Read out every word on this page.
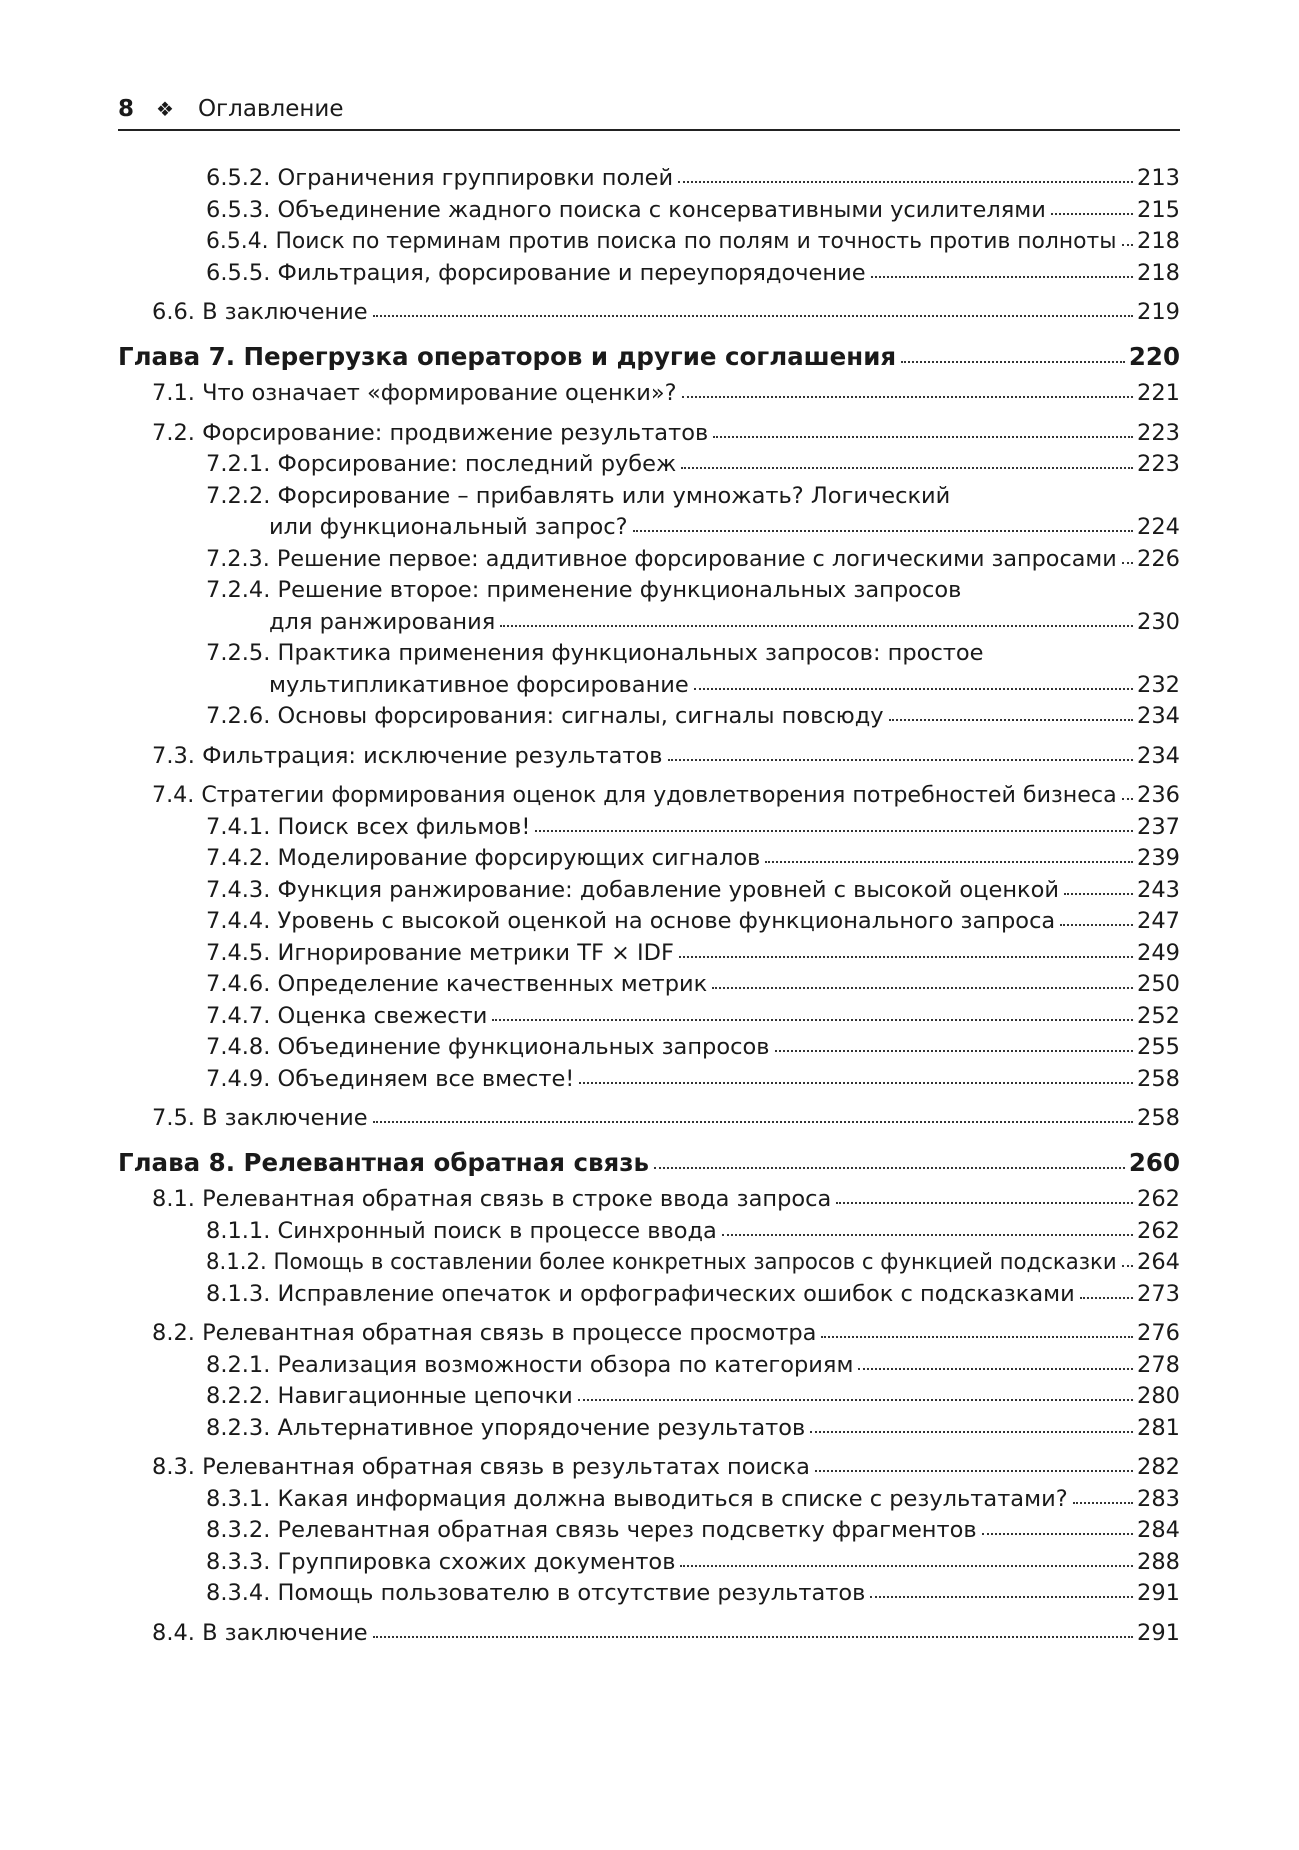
8 ❖ Оглавление
6.5.2. Ограничения группировки полей	213
6.5.3. Объединение жадного поиска с консервативными усилителями	215
6.5.4. Поиск по терминам против поиска по полям и точность против полноты 218
6.5.5. Фильтрация, форсирование и переупорядочение	218
6.6. В заключение	219
Глава 7. Перегрузка операторов и другие соглашения	220
7.1. Что означает «формирование оценки»?	221
7.2. Форсирование: продвижение результатов	223
7.2.1. Форсирование: последний рубеж	223
7.2.2. Форсирование – прибавлять или умножать? Логический
или функциональный запрос?	224
7.2.3. Решение первое: аддитивное форсирование с логическими запросами 226
7.2.4. Решение второе: применение функциональных запросов
для ранжирования	230
7.2.5. Практика применения функциональных запросов: простое
мультипликативное форсирование	232
7.2.6. Основы форсирования: сигналы, сигналы повсюду	234
7.3. Фильтрация: исключение результатов	234
7.4. Стратегии формирования оценок для удовлетворения потребностей бизнеса 236
7.4.1. Поиск всех фильмов!	237
7.4.2. Моделирование форсирующих сигналов	239
7.4.3. Функция ранжирование: добавление уровней с высокой оценкой	243
7.4.4. Уровень с высокой оценкой на основе функционального запроса	247
7.4.5. Игнорирование метрики TF × IDF	249
7.4.6. Определение качественных метрик	250
7.4.7. Оценка свежести	252
7.4.8. Объединение функциональных запросов	255
7.4.9. Объединяем все вместе!	258
7.5. В заключение	258
Глава 8. Релевантная обратная связь	260
8.1. Релевантная обратная связь в строке ввода запроса	262
8.1.1. Синхронный поиск в процессе ввода	262
8.1.2. Помощь в составлении более конкретных запросов с функцией подсказки 264
8.1.3. Исправление опечаток и орфографических ошибок с подсказками	273
8.2. Релевантная обратная связь в процессе просмотра	276
8.2.1. Реализация возможности обзора по категориям	278
8.2.2. Навигационные цепочки	280
8.2.3. Альтернативное упорядочение результатов	281
8.3. Релевантная обратная связь в результатах поиска	282
8.3.1. Какая информация должна выводиться в списке с результатами?	283
8.3.2. Релевантная обратная связь через подсветку фрагментов	284
8.3.3. Группировка схожих документов	288
8.3.4. Помощь пользователю в отсутствие результатов	291
8.4. В заключение	291
